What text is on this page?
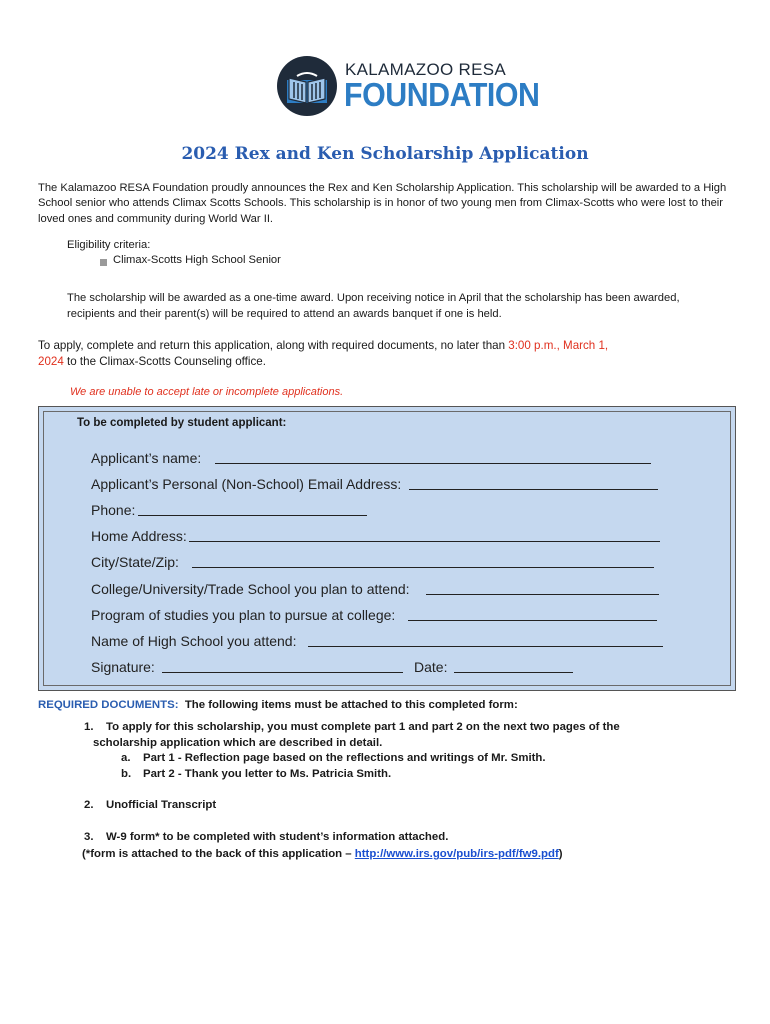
KALAMAZOO RESA
FOUNDATION
2024 Rex and Ken Scholarship Application

The Kalamazoo RESA Foundation proudly announces the Rex and Ken Scholarship Application. This scholarship will be awarded to a High School senior who attends Climax Scotts Schools. This scholarship is in honor of two young men from Climax-Scotts who were lost to their loved ones and community during World War II.

Eligibility criteria:
Climax-Scotts High School Senior

The scholarship will be awarded as a one-time award. Upon receiving notice in April that the scholarship has been awarded, recipients and their parent(s) will be required to attend an awards banquet if one is held.

To apply, complete and return this application, along with required documents, no later than 3:00 p.m., March 1,
2024 to the Climax-Scotts Counseling office.

We are unable to accept late or incomplete applications.
To be completed by student applicant:
Applicant’s name:
Applicant’s Personal (Non-School) Email Address:
Phone:
Home Address:
City/State/Zip:
College/University/Trade School you plan to attend:
Program of studies you plan to pursue at college:
Name of High School you attend:
Signature:	Date:
REQUIRED DOCUMENTS: The following items must be attached to this completed form:
1. To apply for this scholarship, you must complete part 1 and part 2 on the next two pages of the
scholarship application which are described in detail.
a. Part 1 - Reflection page based on the reflections and writings of Mr. Smith.
b. Part 2 - Thank you letter to Ms. Patricia Smith.
2. Unofficial Transcript
3. W-9 form* to be completed with student’s information attached.
(*form is attached to the back of this application – http://www.irs.gov/pub/irs-pdf/fw9.pdf)
